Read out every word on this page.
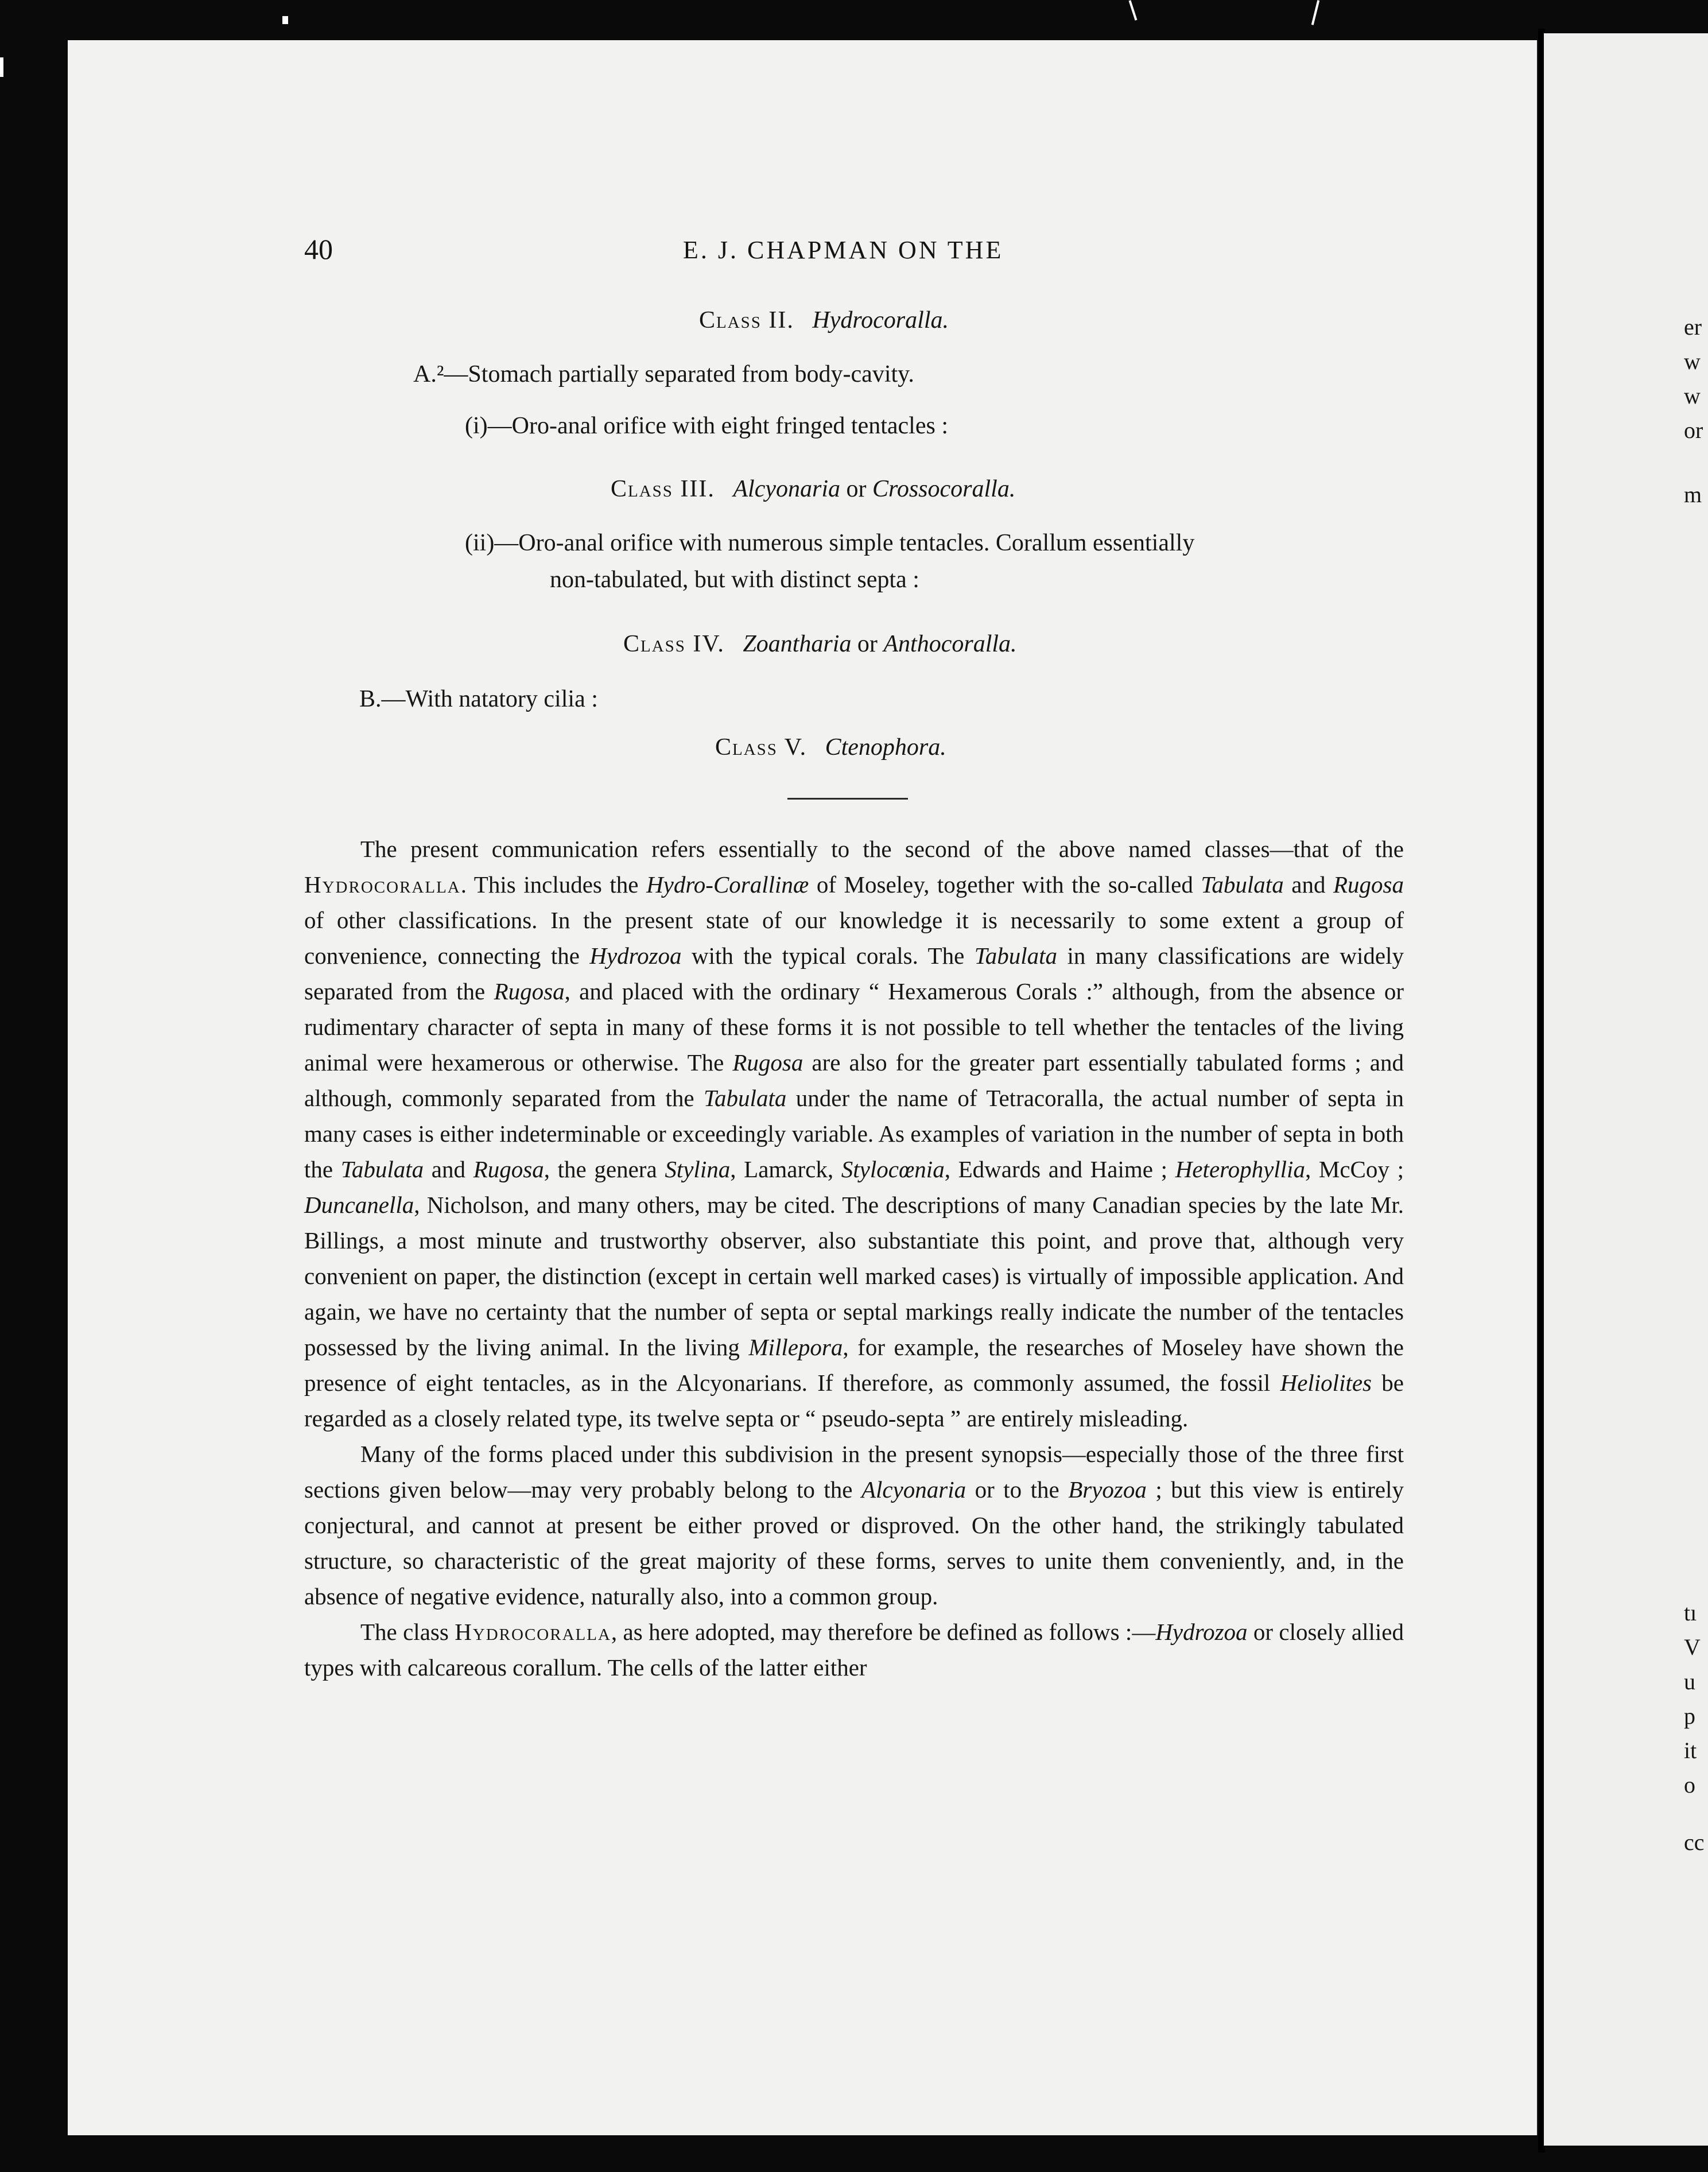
40	E. J. CHAPMAN ON THE
Class II. Hydrocoralla.
A.²—Stomach partially separated from body-cavity.
(i)—Oro-anal orifice with eight fringed tentacles :
Class III. Alcyonaria or Crossocoralla.
(ii)—Oro-anal orifice with numerous simple tentacles. Corallum essentially
non-tabulated, but with distinct septa :
Class IV. Zoantharia or Anthocoralla.
B.—With natatory cilia :
Class V. Ctenophora.

The present communication refers essentially to the second of the above named classes—that of the Hydrocoralla. This includes the Hydro-Corallinæ of Moseley, together with the so-called Tabulata and Rugosa of other classifications. In the present state of our knowledge it is necessarily to some extent a group of convenience, connecting the Hydrozoa with the typical corals. The Tabulata in many classifications are widely separated from the Rugosa, and placed with the ordinary “ Hexamerous Corals :” although, from the absence or rudimentary character of septa in many of these forms it is not possible to tell whether the tentacles of the living animal were hexamerous or otherwise. The Rugosa are also for the greater part essentially tabulated forms ; and although, commonly separated from the Tabulata under the name of Tetracoralla, the actual number of septa in many cases is either indeterminable or exceedingly variable. As examples of variation in the number of septa in both the Tabulata and Rugosa, the genera Stylina, Lamarck, Stylocœnia, Edwards and Haime ; Heterophyllia, McCoy ; Duncanella, Nicholson, and many others, may be cited. The descriptions of many Canadian species by the late Mr. Billings, a most minute and trustworthy observer, also substantiate this point, and prove that, although very convenient on paper, the distinction (except in certain well marked cases) is virtually of impossible application. And again, we have no certainty that the number of septa or septal markings really indicate the number of the tentacles possessed by the living animal. In the living Millepora, for example, the researches of Moseley have shown the presence of eight tentacles, as in the Alcyonarians. If therefore, as commonly assumed, the fossil Heliolites be regarded as a closely related type, its twelve septa or “ pseudo-septa ” are entirely misleading.

Many of the forms placed under this subdivision in the present synopsis—especially those of the three first sections given below—may very probably belong to the Alcyonaria or to the Bryozoa ; but this view is entirely conjectural, and cannot at present be either proved or disproved. On the other hand, the strikingly tabulated structure, so characteristic of the great majority of these forms, serves to unite them conveniently, and, in the absence of negative evidence, naturally also, into a common group.

The class Hydrocoralla, as here adopted, may therefore be defined as follows :—Hydrozoa or closely allied types with calcareous corallum. The cells of the latter either

er
w
w
or
m
tı
V
u
p
it
o
cc
